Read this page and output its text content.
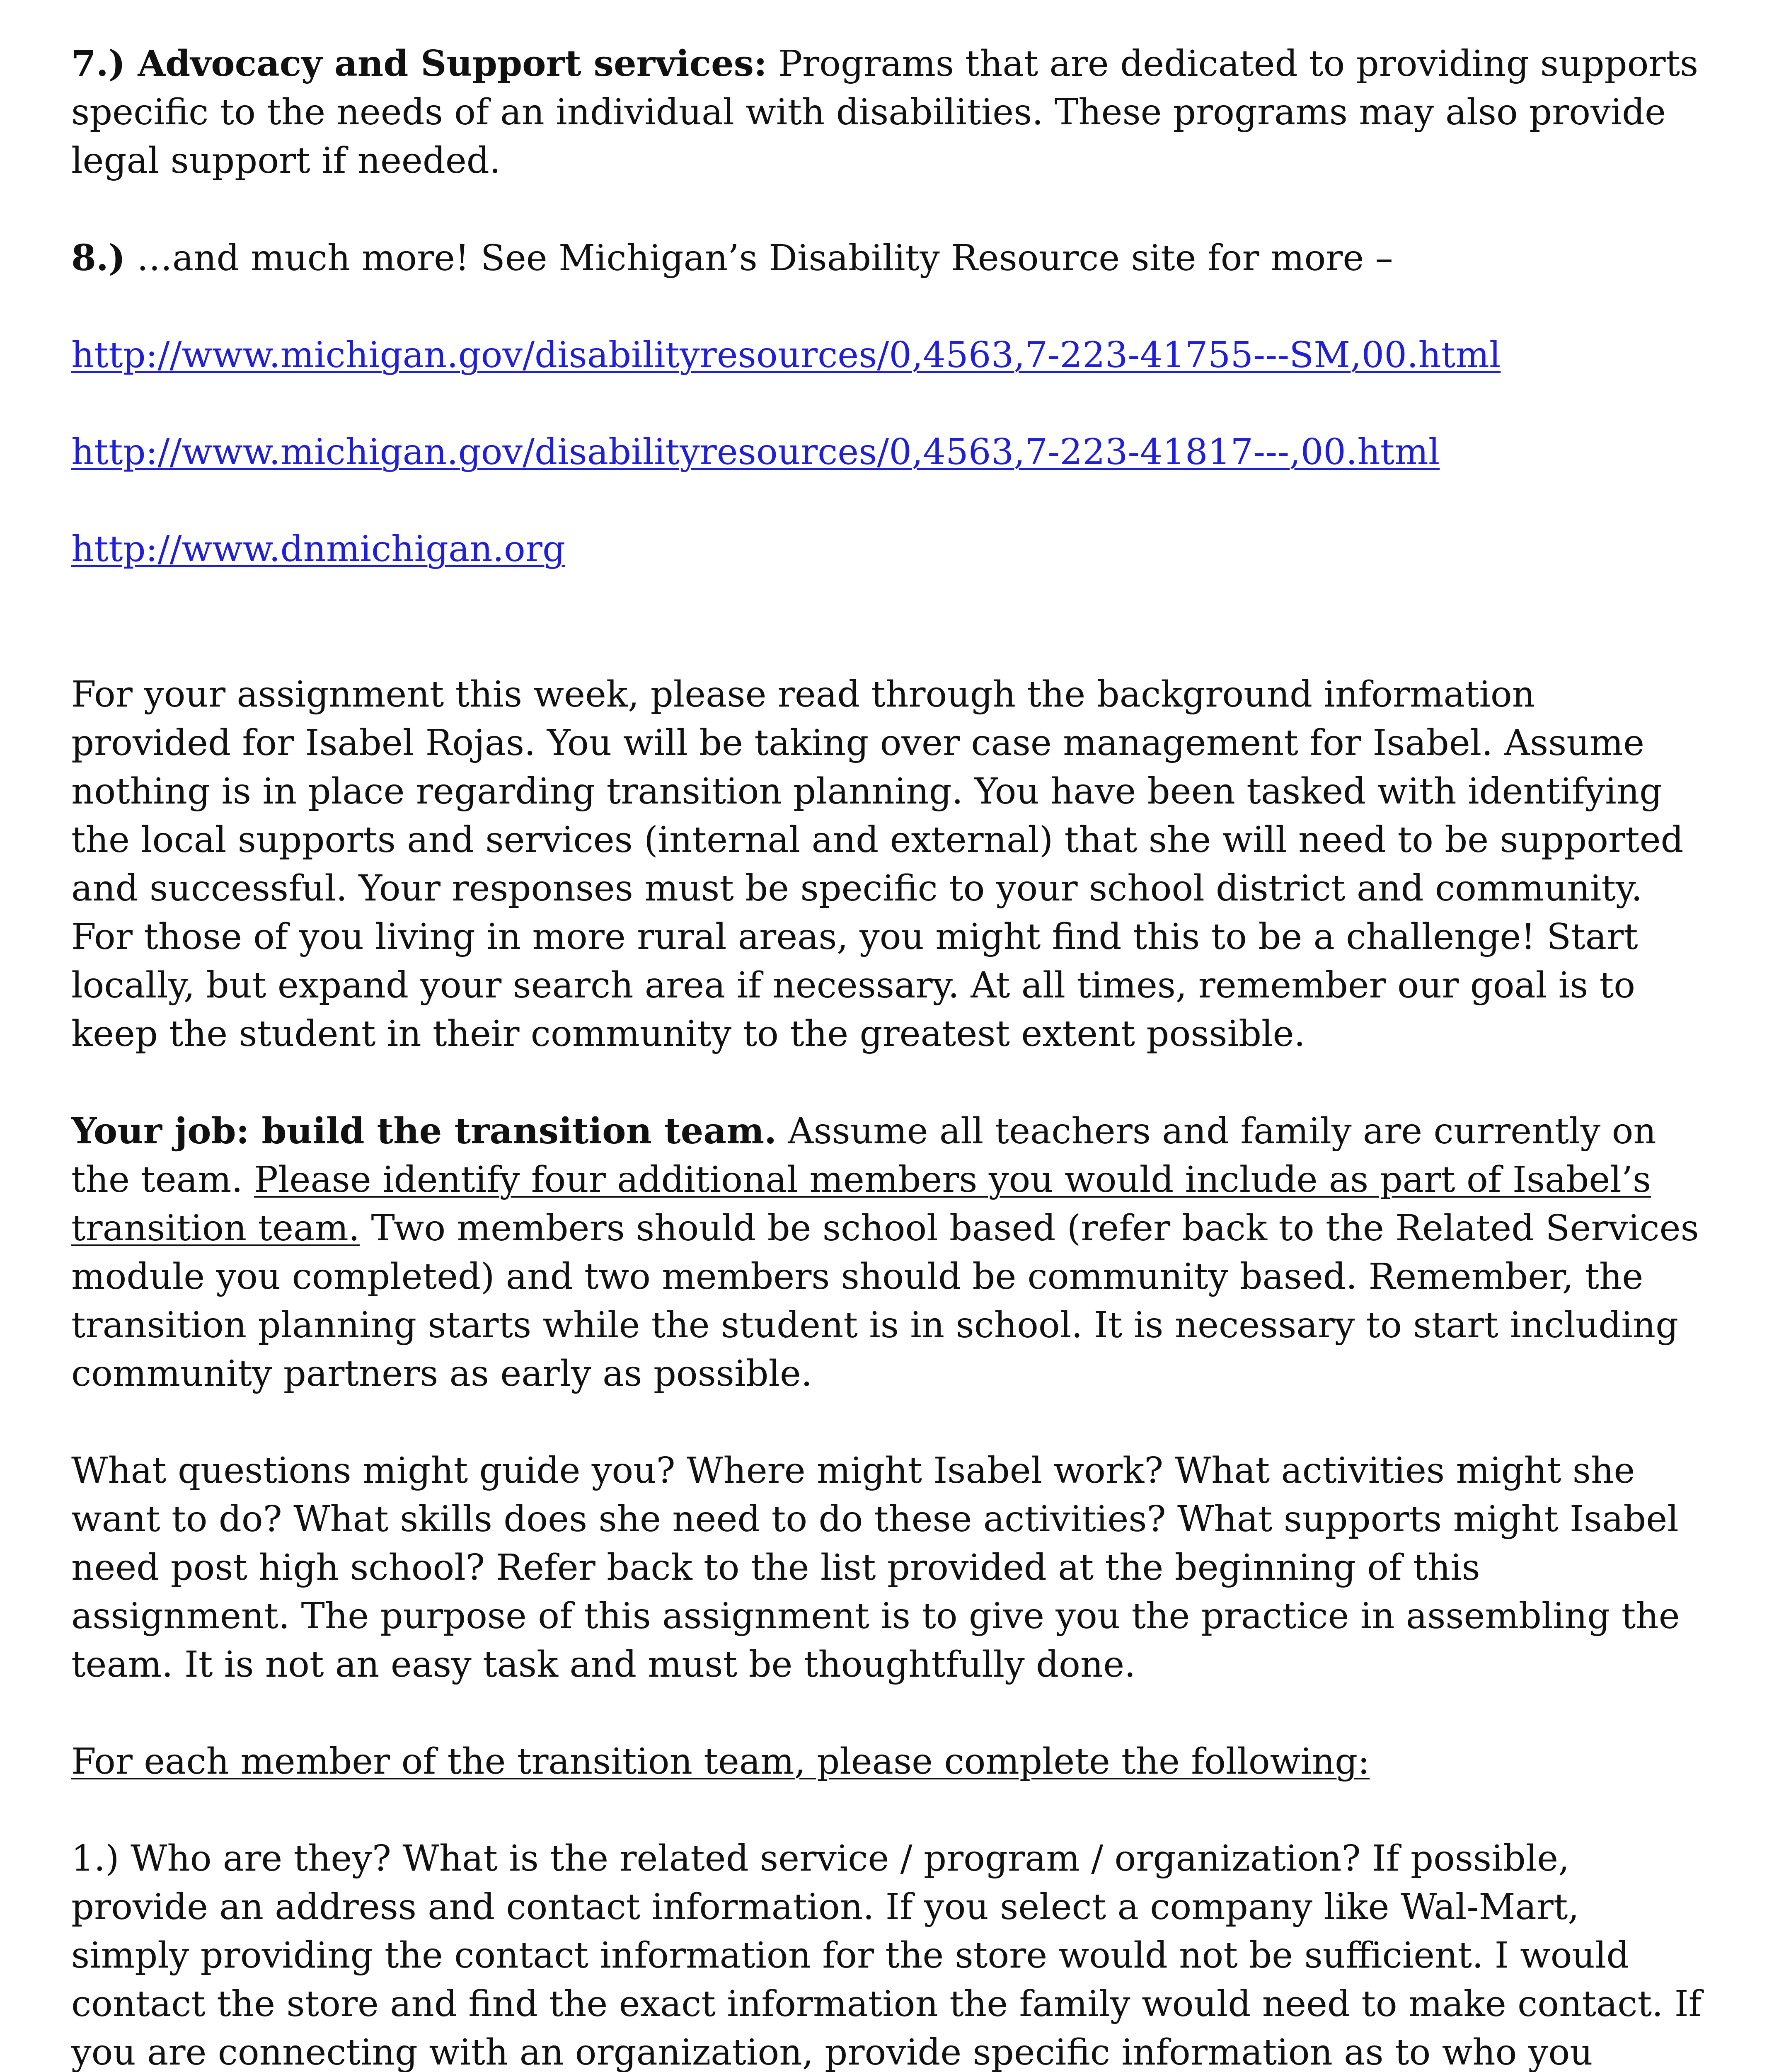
7.) Advocacy and Support services: Programs that are dedicated to providing supports specific to the needs of an individual with disabilities. These programs may also provide legal support if needed.

8.) …and much more! See Michigan’s Disability Resource site for more –

http://www.michigan.gov/disabilityresources/0,4563,7-223-41755---SM,00.html

http://www.michigan.gov/disabilityresources/0,4563,7-223-41817---,00.html

http://www.dnmichigan.org

For your assignment this week, please read through the background information provided for Isabel Rojas. You will be taking over case management for Isabel. Assume nothing is in place regarding transition planning. You have been tasked with identifying the local supports and services (internal and external) that she will need to be supported and successful. Your responses must be specific to your school district and community. For those of you living in more rural areas, you might find this to be a challenge! Start locally, but expand your search area if necessary. At all times, remember our goal is to keep the student in their community to the greatest extent possible.

Your job: build the transition team. Assume all teachers and family are currently on the team. Please identify four additional members you would include as part of Isabel’s transition team. Two members should be school based (refer back to the Related Services module you completed) and two members should be community based. Remember, the transition planning starts while the student is in school. It is necessary to start including community partners as early as possible.

What questions might guide you? Where might Isabel work? What activities might she want to do? What skills does she need to do these activities? What supports might Isabel need post high school? Refer back to the list provided at the beginning of this assignment. The purpose of this assignment is to give you the practice in assembling the team. It is not an easy task and must be thoughtfully done.

For each member of the transition team, please complete the following:

1.) Who are they? What is the related service / program / organization? If possible, provide an address and contact information. If you select a company like Wal-Mart, simply providing the contact information for the store would not be sufficient. I would contact the store and find the exact information the family would need to make contact. If you are connecting with an organization, provide specific information as to who you
